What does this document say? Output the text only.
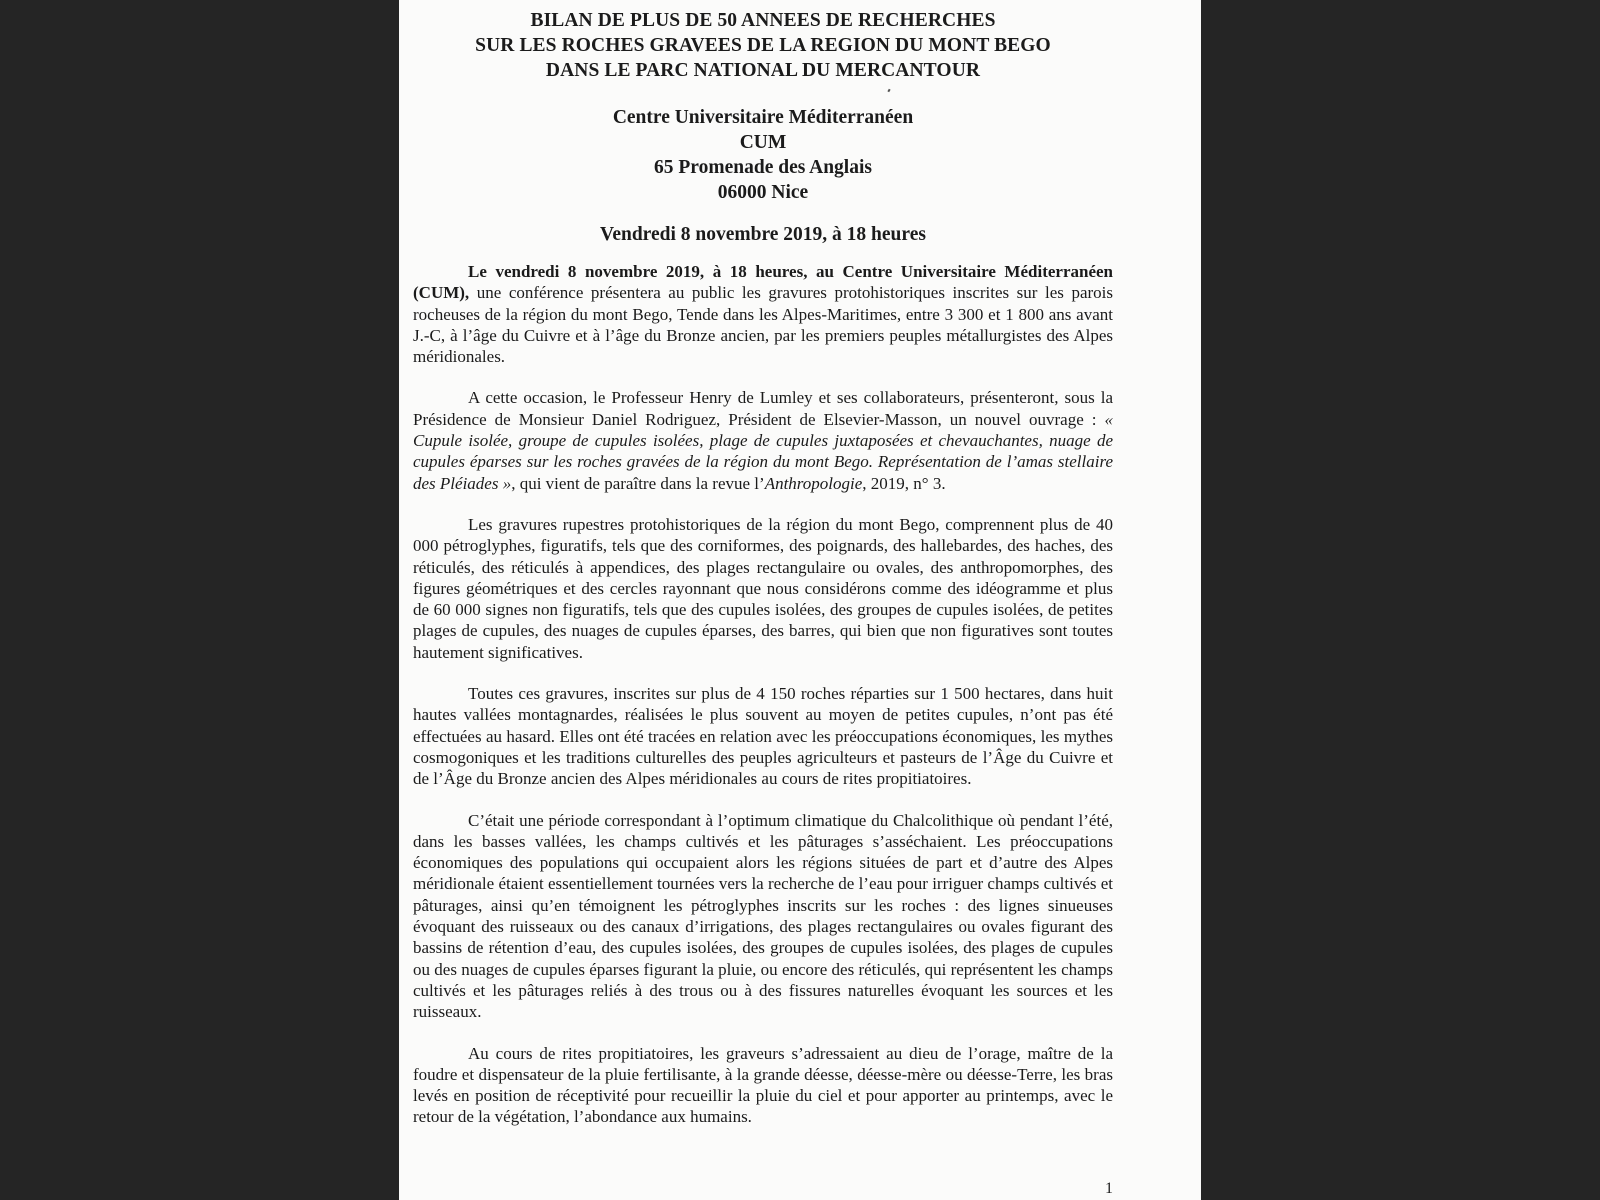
BILAN DE PLUS DE 50 ANNEES DE RECHERCHES
SUR LES ROCHES GRAVEES DE LA REGION DU MONT BEGO
DANS LE PARC NATIONAL DU MERCANTOUR
Centre Universitaire Méditerranéen
CUM
65 Promenade des Anglais
06000 Nice
Vendredi 8 novembre 2019, à 18 heures

Le vendredi 8 novembre 2019, à 18 heures, au Centre Universitaire Méditerranéen (CUM), une conférence présentera au public les gravures protohistoriques inscrites sur les parois rocheuses de la région du mont Bego, Tende dans les Alpes-Maritimes, entre 3 300 et 1 800 ans avant J.-C, à l’âge du Cuivre et à l’âge du Bronze ancien, par les premiers peuples métallurgistes des Alpes méridionales.

A cette occasion, le Professeur Henry de Lumley et ses collaborateurs, présenteront, sous la Présidence de Monsieur Daniel Rodriguez, Président de Elsevier-Masson, un nouvel ouvrage : « Cupule isolée, groupe de cupules isolées, plage de cupules juxtaposées et chevauchantes, nuage de cupules éparses sur les roches gravées de la région du mont Bego. Représentation de l’amas stellaire des Pléiades », qui vient de paraître dans la revue l’Anthropologie, 2019, n° 3.

Les gravures rupestres protohistoriques de la région du mont Bego, comprennent plus de 40 000 pétroglyphes, figuratifs, tels que des corniformes, des poignards, des hallebardes, des haches, des réticulés, des réticulés à appendices, des plages rectangulaire ou ovales, des anthropomorphes, des figures géométriques et des cercles rayonnant que nous considérons comme des idéogramme et plus de 60 000 signes non figuratifs, tels que des cupules isolées, des groupes de cupules isolées, de petites plages de cupules, des nuages de cupules éparses, des barres, qui bien que non figuratives sont toutes hautement significatives.

Toutes ces gravures, inscrites sur plus de 4 150 roches réparties sur 1 500 hectares, dans huit hautes vallées montagnardes, réalisées le plus souvent au moyen de petites cupules, n’ont pas été effectuées au hasard. Elles ont été tracées en relation avec les préoccupations économiques, les mythes cosmogoniques et les traditions culturelles des peuples agriculteurs et pasteurs de l’Âge du Cuivre et de l’Âge du Bronze ancien des Alpes méridionales au cours de rites propitiatoires.

C’était une période correspondant à l’optimum climatique du Chalcolithique où pendant l’été, dans les basses vallées, les champs cultivés et les pâturages s’asséchaient. Les préoccupations économiques des populations qui occupaient alors les régions situées de part et d’autre des Alpes méridionale étaient essentiellement tournées vers la recherche de l’eau pour irriguer champs cultivés et pâturages, ainsi qu’en témoignent les pétroglyphes inscrits sur les roches : des lignes sinueuses évoquant des ruisseaux ou des canaux d’irrigations, des plages rectangulaires ou ovales figurant des bassins de rétention d’eau, des cupules isolées, des groupes de cupules isolées, des plages de cupules ou des nuages de cupules éparses figurant la pluie, ou encore des réticulés, qui représentent les champs cultivés et les pâturages reliés à des trous ou à des fissures naturelles évoquant les sources et les ruisseaux.

Au cours de rites propitiatoires, les graveurs s’adressaient au dieu de l’orage, maître de la foudre et dispensateur de la pluie fertilisante, à la grande déesse, déesse-mère ou déesse-Terre, les bras levés en position de réceptivité pour recueillir la pluie du ciel et pour apporter au printemps, avec le retour de la végétation, l’abondance aux humains.

1
